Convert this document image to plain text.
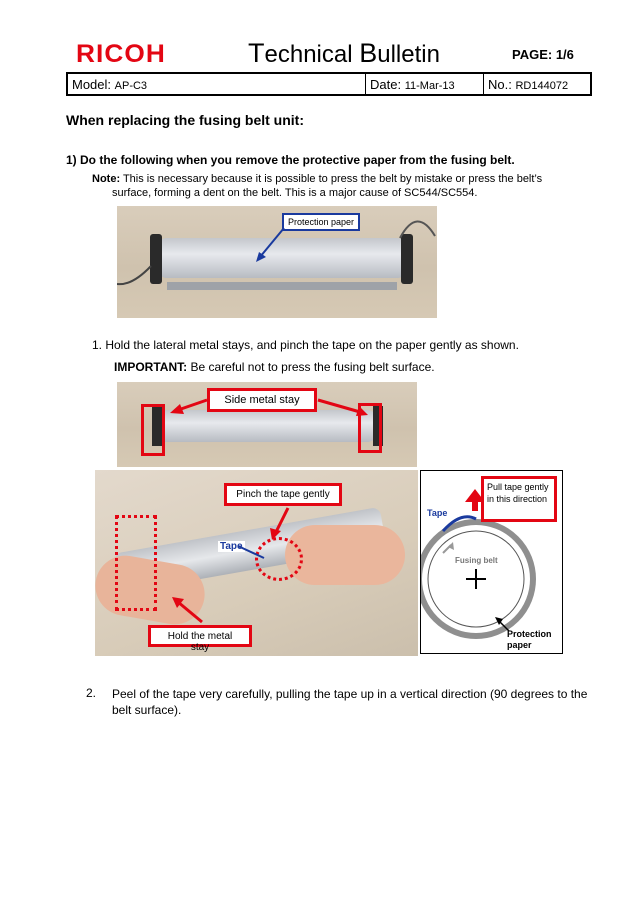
RICOH	Technical Bulletin	PAGE: 1/6
Model: AP-C3	Date: 11-Mar-13	No.: RD144072
When replacing the fusing belt unit:
1) Do the following when you remove the protective paper from the fusing belt.
Note: This is necessary because it is possible to press the belt by mistake or press the belt’s
surface, forming a dent on the belt. This is a major cause of SC544/SC554.
Protection paper
1. Hold the lateral metal stays, and pinch the tape on the paper gently as shown.
IMPORTANT: Be careful not to press the fusing belt surface.
Side metal stay
Pinch the tape gently
Tape
Hold the metal stay
Pull tape gently in this direction
Tape
Fusing belt
Protection paper
2. Peel of the tape very carefully, pulling the tape up in a vertical direction (90 degrees to the belt surface).
